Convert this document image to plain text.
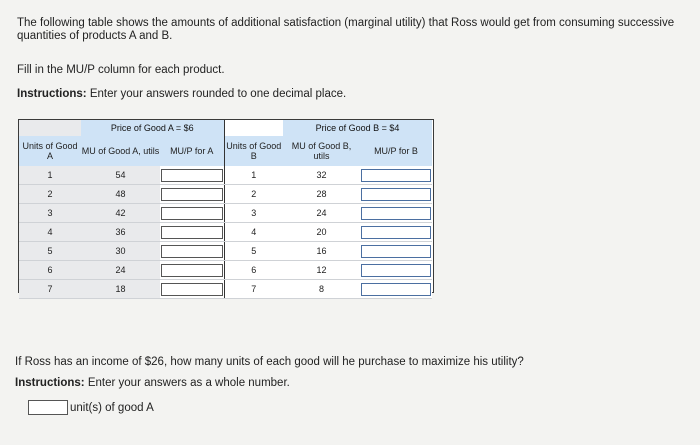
The following table shows the amounts of additional satisfaction (marginal utility) that Ross would get from consuming successive quantities of products A and B.

Fill in the MU/P column for each product.

Instructions: Enter your answers rounded to one decimal place.

	Price of Good A = $6			Price of Good B = $4	
Units of Good A	MU of Good A, utils	MU/P for A	Units of Good B	MU of Good B, utils	MU/P for B
1	54		1	32	
2	48		2	28	
3	42		3	24	
4	36		4	20	
5	30		5	16	
6	24		6	12	
7	18		7	8	

If Ross has an income of $26, how many units of each good will he purchase to maximize his utility?

Instructions: Enter your answers as a whole number.

unit(s) of good A
